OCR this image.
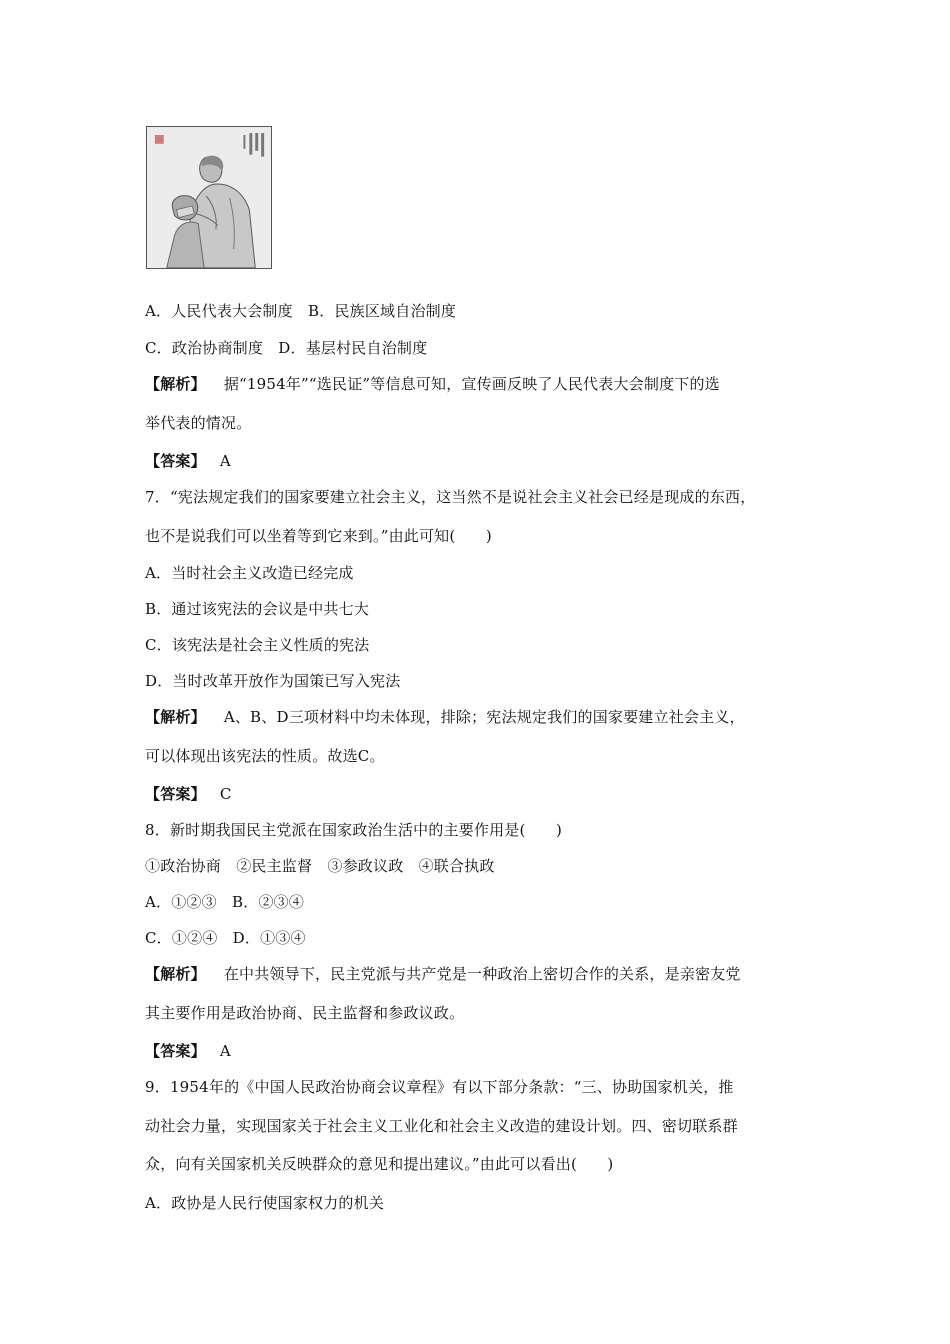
A．人民代表大会制度　B．民族区域自治制度
C．政治协商制度　D．基层村民自治制度
【解析】 据“1954年”“选民证”等信息可知，宣传画反映了人民代表大会制度下的选
举代表的情况。
【答案】 A
7．“宪法规定我们的国家要建立社会主义，这当然不是说社会主义社会已经是现成的东西，
也不是说我们可以坐着等到它来到。”由此可知(　　)
A．当时社会主义改造已经完成
B．通过该宪法的会议是中共七大
C．该宪法是社会主义性质的宪法
D．当时改革开放作为国策已写入宪法
【解析】 A、B、D三项材料中均未体现，排除；宪法规定我们的国家要建立社会主义，
可以体现出该宪法的性质。故选C。
【答案】 C
8．新时期我国民主党派在国家政治生活中的主要作用是(　　)
①政治协商　②民主监督　③参政议政　④联合执政
A．①②③　B．②③④
C．①②④　D．①③④
【解析】 在中共领导下，民主党派与共产党是一种政治上密切合作的关系，是亲密友党
其主要作用是政治协商、民主监督和参政议政。
【答案】 A
9．1954年的《中国人民政治协商会议章程》有以下部分条款：“三、协助国家机关，推
动社会力量，实现国家关于社会主义工业化和社会主义改造的建设计划。四、密切联系群
众，向有关国家机关反映群众的意见和提出建议。”由此可以看出(　　)
A．政协是人民行使国家权力的机关
